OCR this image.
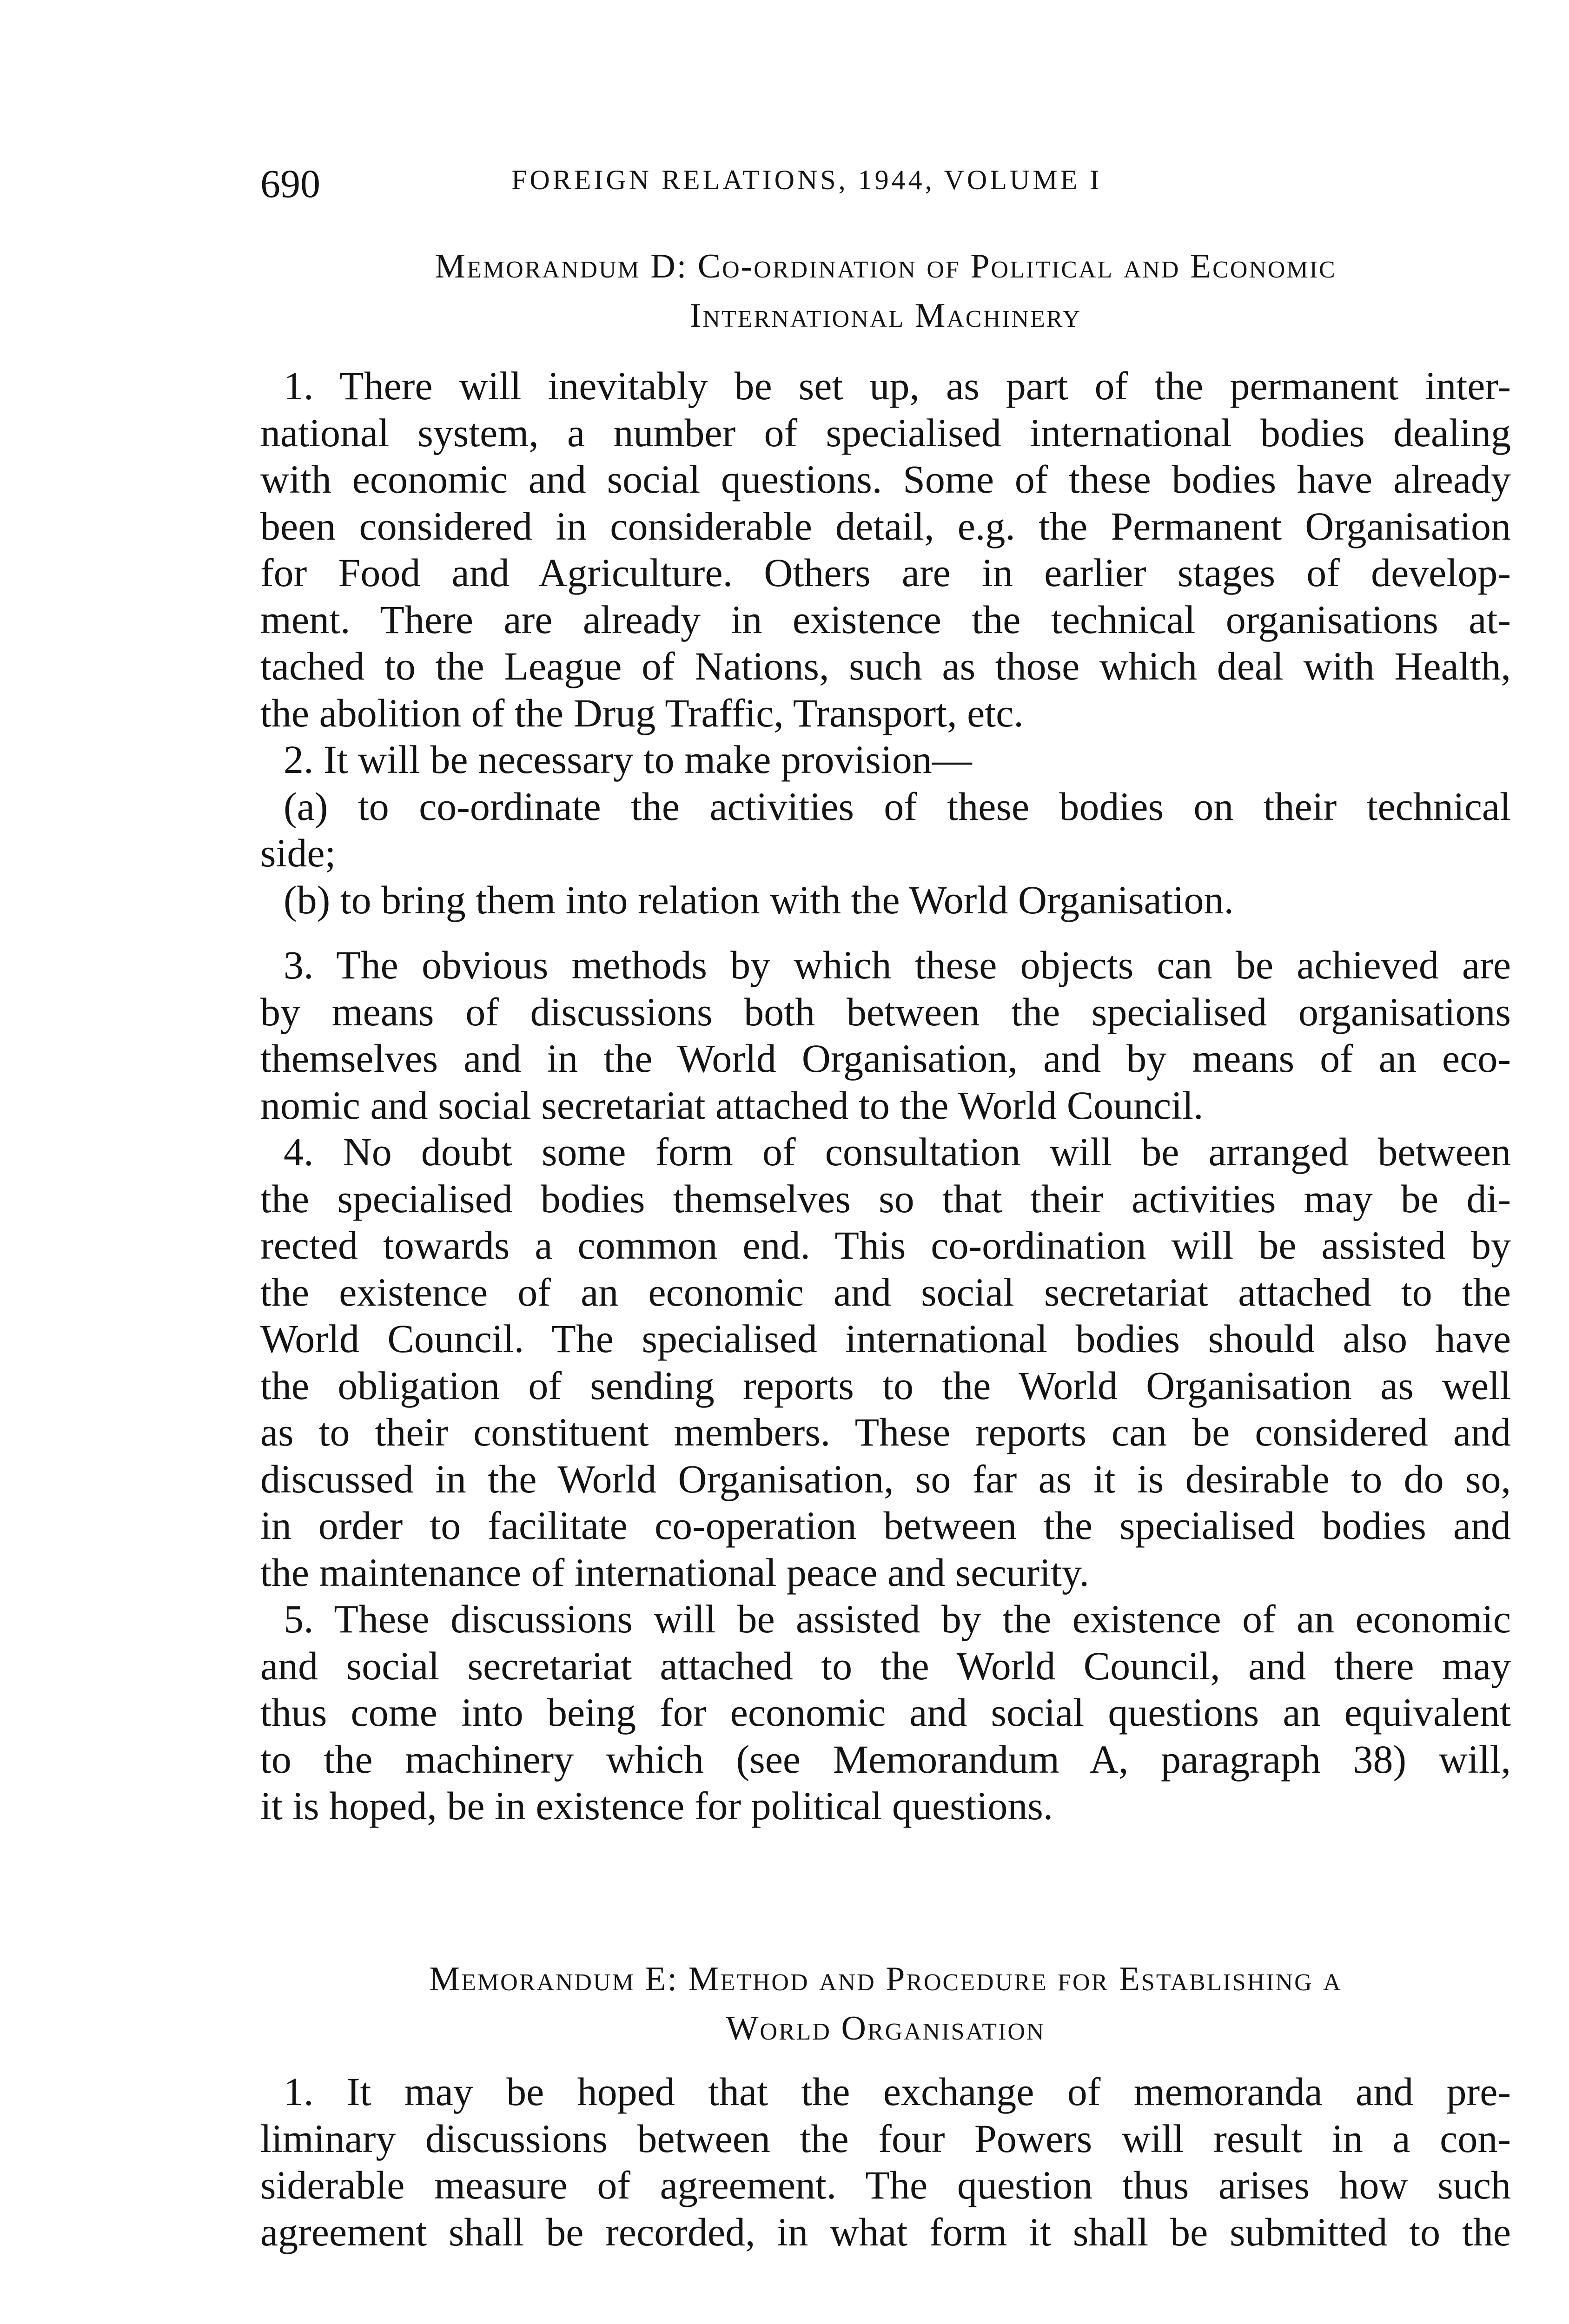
690	FOREIGN RELATIONS, 1944, VOLUME I
Memorandum D: Co-ordination of Political and Economic
International Machinery
1. There will inevitably be set up, as part of the permanent inter-
national system, a number of specialised international bodies dealing
with economic and social questions. Some of these bodies have already
been considered in considerable detail, e.g. the Permanent Organisation
for Food and Agriculture. Others are in earlier stages of develop-
ment. There are already in existence the technical organisations at-
tached to the League of Nations, such as those which deal with Health,
the abolition of the Drug Traffic, Transport, etc.
2. It will be necessary to make provision—
(a) to co-ordinate the activities of these bodies on their technical
side;
(b) to bring them into relation with the World Organisation.
3. The obvious methods by which these objects can be achieved are
by means of discussions both between the specialised organisations
themselves and in the World Organisation, and by means of an eco-
nomic and social secretariat attached to the World Council.
4. No doubt some form of consultation will be arranged between
the specialised bodies themselves so that their activities may be di-
rected towards a common end. This co-ordination will be assisted by
the existence of an economic and social secretariat attached to the
World Council. The specialised international bodies should also have
the obligation of sending reports to the World Organisation as well
as to their constituent members. These reports can be considered and
discussed in the World Organisation, so far as it is desirable to do so,
in order to facilitate co-operation between the specialised bodies and
the maintenance of international peace and security.
5. These discussions will be assisted by the existence of an economic
and social secretariat attached to the World Council, and there may
thus come into being for economic and social questions an equivalent
to the machinery which (see Memorandum A, paragraph 38) will,
it is hoped, be in existence for political questions.
Memorandum E: Method and Procedure for Establishing a
World Organisation
1. It may be hoped that the exchange of memoranda and pre-
liminary discussions between the four Powers will result in a con-
siderable measure of agreement. The question thus arises how such
agreement shall be recorded, in what form it shall be submitted to the
